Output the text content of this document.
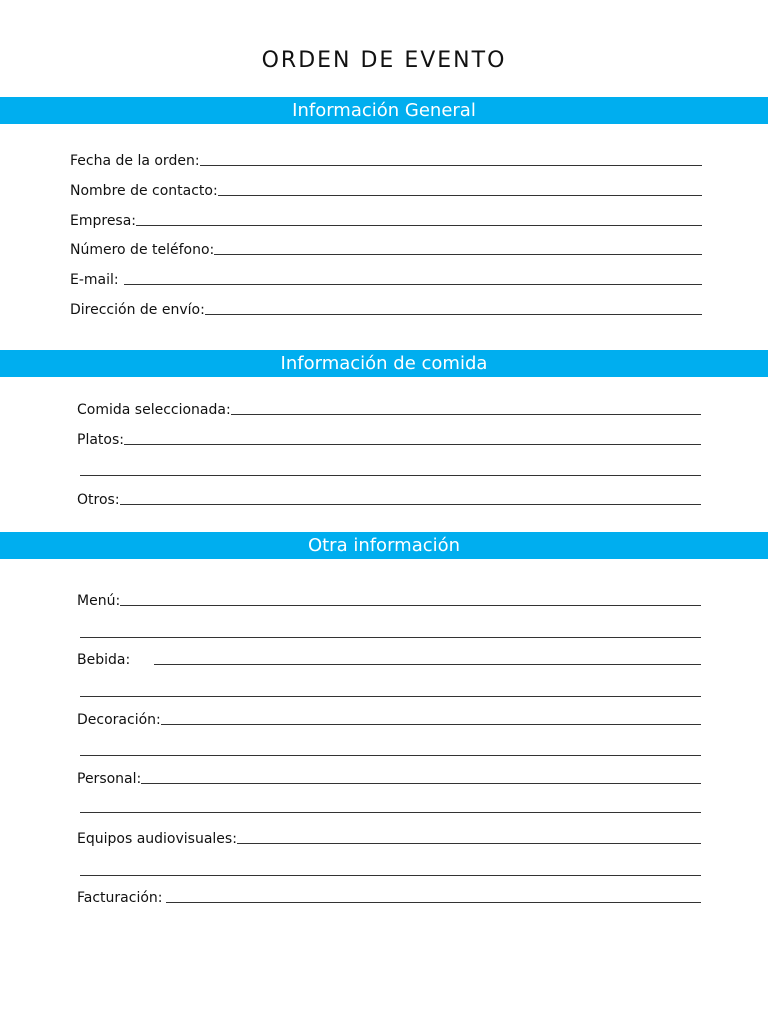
ORDEN DE EVENTO
Información General
Fecha de la orden:
Nombre de contacto:
Empresa:
Número de teléfono:
E-mail:
Dirección de envío:
Información de comida
Comida seleccionada:
Platos:
Otros:
Otra información
Menú:
Bebida:
Decoración:
Personal:
Equipos audiovisuales:
Facturación:
